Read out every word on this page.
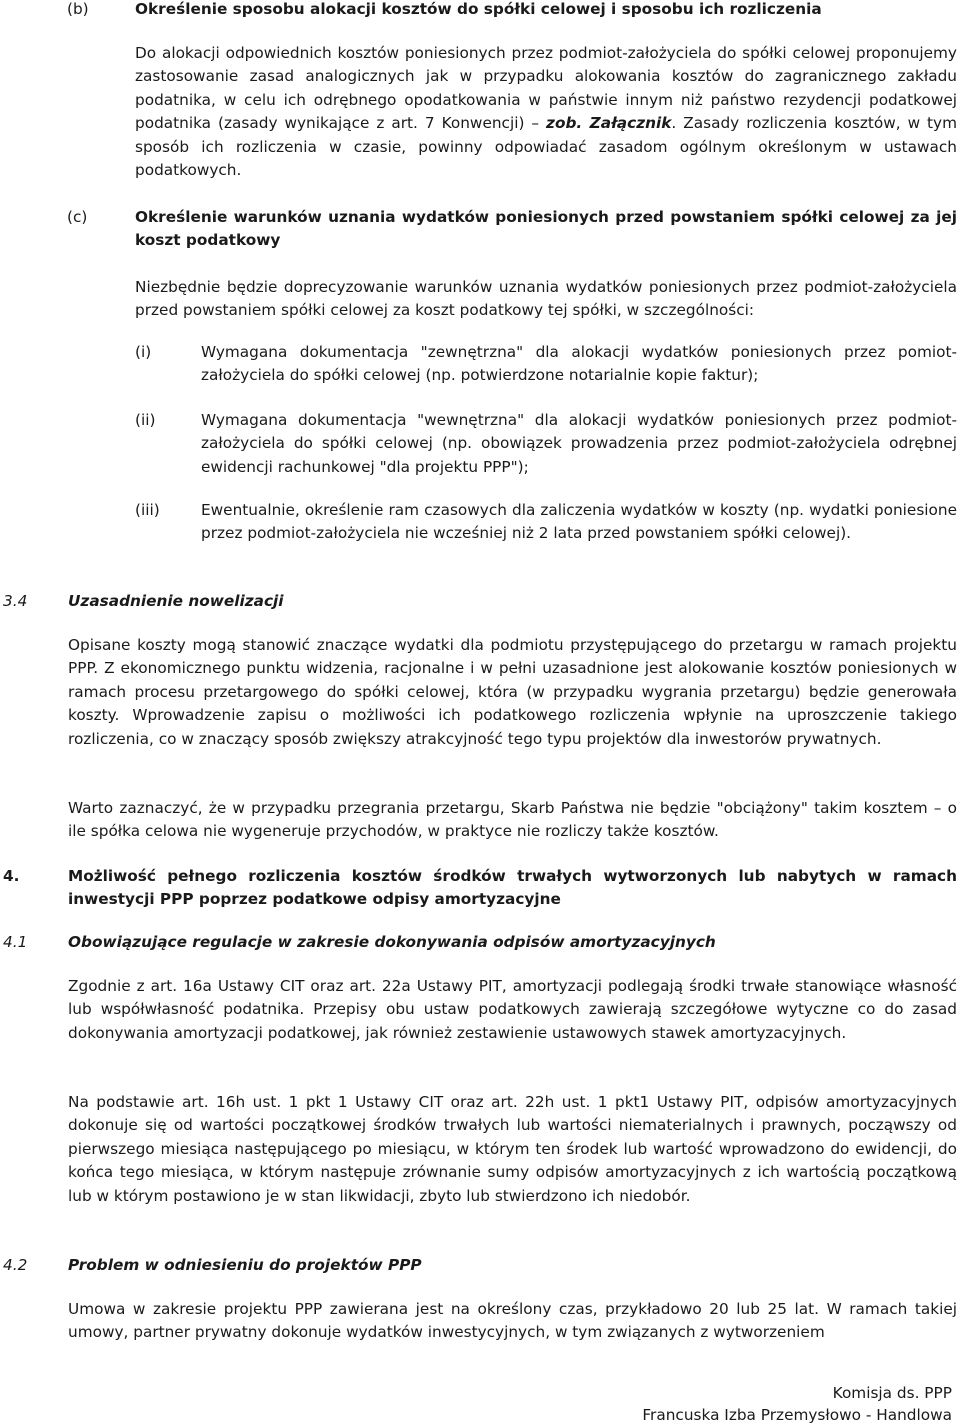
(b)	Określenie sposobu alokacji kosztów do spółki celowej i sposobu ich rozliczenia

Do alokacji odpowiednich kosztów poniesionych przez podmiot-założyciela do spółki celowej proponujemy zastosowanie zasad analogicznych jak w przypadku alokowania kosztów do zagranicznego zakładu podatnika, w celu ich odrębnego opodatkowania w państwie innym niż państwo rezydencji podatkowej podatnika (zasady wynikające z art. 7 Konwencji) – zob. Załącznik. Zasady rozliczenia kosztów, w tym sposób ich rozliczenia w czasie, powinny odpowiadać zasadom ogólnym określonym w ustawach podatkowych.

(c)	Określenie warunków uznania wydatków poniesionych przed powstaniem spółki celowej za jej koszt podatkowy

Niezbędnie będzie doprecyzowanie warunków uznania wydatków poniesionych przez podmiot-założyciela przed powstaniem spółki celowej za koszt podatkowy tej spółki, w szczególności:

(i)	Wymagana dokumentacja "zewnętrzna" dla alokacji wydatków poniesionych przez pomiot-założyciela do spółki celowej (np. potwierdzone notarialnie kopie faktur);

(ii)	Wymagana dokumentacja "wewnętrzna" dla alokacji wydatków poniesionych przez podmiot-założyciela do spółki celowej (np. obowiązek prowadzenia przez podmiot-założyciela odrębnej ewidencji rachunkowej "dla projektu PPP");

(iii)	Ewentualnie, określenie ram czasowych dla zaliczenia wydatków w koszty (np. wydatki poniesione przez podmiot-założyciela nie wcześniej niż 2 lata przed powstaniem spółki celowej).

3.4	Uzasadnienie nowelizacji

Opisane koszty mogą stanowić znaczące wydatki dla podmiotu przystępującego do przetargu w ramach projektu PPP. Z ekonomicznego punktu widzenia, racjonalne i w pełni uzasadnione jest alokowanie kosztów poniesionych w ramach procesu przetargowego do spółki celowej, która (w przypadku wygrania przetargu) będzie generowała koszty. Wprowadzenie zapisu o możliwości ich podatkowego rozliczenia wpłynie na uproszczenie takiego rozliczenia, co w znaczący sposób zwiększy atrakcyjność tego typu projektów dla inwestorów prywatnych.

Warto zaznaczyć, że w przypadku przegrania przetargu, Skarb Państwa nie będzie "obciążony" takim kosztem – o ile spółka celowa nie wygeneruje przychodów, w praktyce nie rozliczy także kosztów.

4.	Możliwość pełnego rozliczenia kosztów środków trwałych wytworzonych lub nabytych w ramach inwestycji PPP poprzez podatkowe odpisy amortyzacyjne

4.1	Obowiązujące regulacje w zakresie dokonywania odpisów amortyzacyjnych

Zgodnie z art. 16a Ustawy CIT oraz art. 22a Ustawy PIT, amortyzacji podlegają środki trwałe stanowiące własność lub współwłasność podatnika. Przepisy obu ustaw podatkowych zawierają szczegółowe wytyczne co do zasad dokonywania amortyzacji podatkowej, jak również zestawienie ustawowych stawek amortyzacyjnych.

Na podstawie art. 16h ust. 1 pkt 1 Ustawy CIT oraz art. 22h ust. 1 pkt1 Ustawy PIT, odpisów amortyzacyjnych dokonuje się od wartości początkowej środków trwałych lub wartości niematerialnych i prawnych, począwszy od pierwszego miesiąca następującego po miesiącu, w którym ten środek lub wartość wprowadzono do ewidencji, do końca tego miesiąca, w którym następuje zrównanie sumy odpisów amortyzacyjnych z ich wartością początkową lub w którym postawiono je w stan likwidacji, zbyto lub stwierdzono ich niedobór.

4.2	Problem w odniesieniu do projektów PPP

Umowa w zakresie projektu PPP zawierana jest na określony czas, przykładowo 20 lub 25 lat. W ramach takiej umowy, partner prywatny dokonuje wydatków inwestycyjnych, w tym związanych z wytworzeniem

Komisja ds. PPP
Francuska Izba Przemysłowo - Handlowa
